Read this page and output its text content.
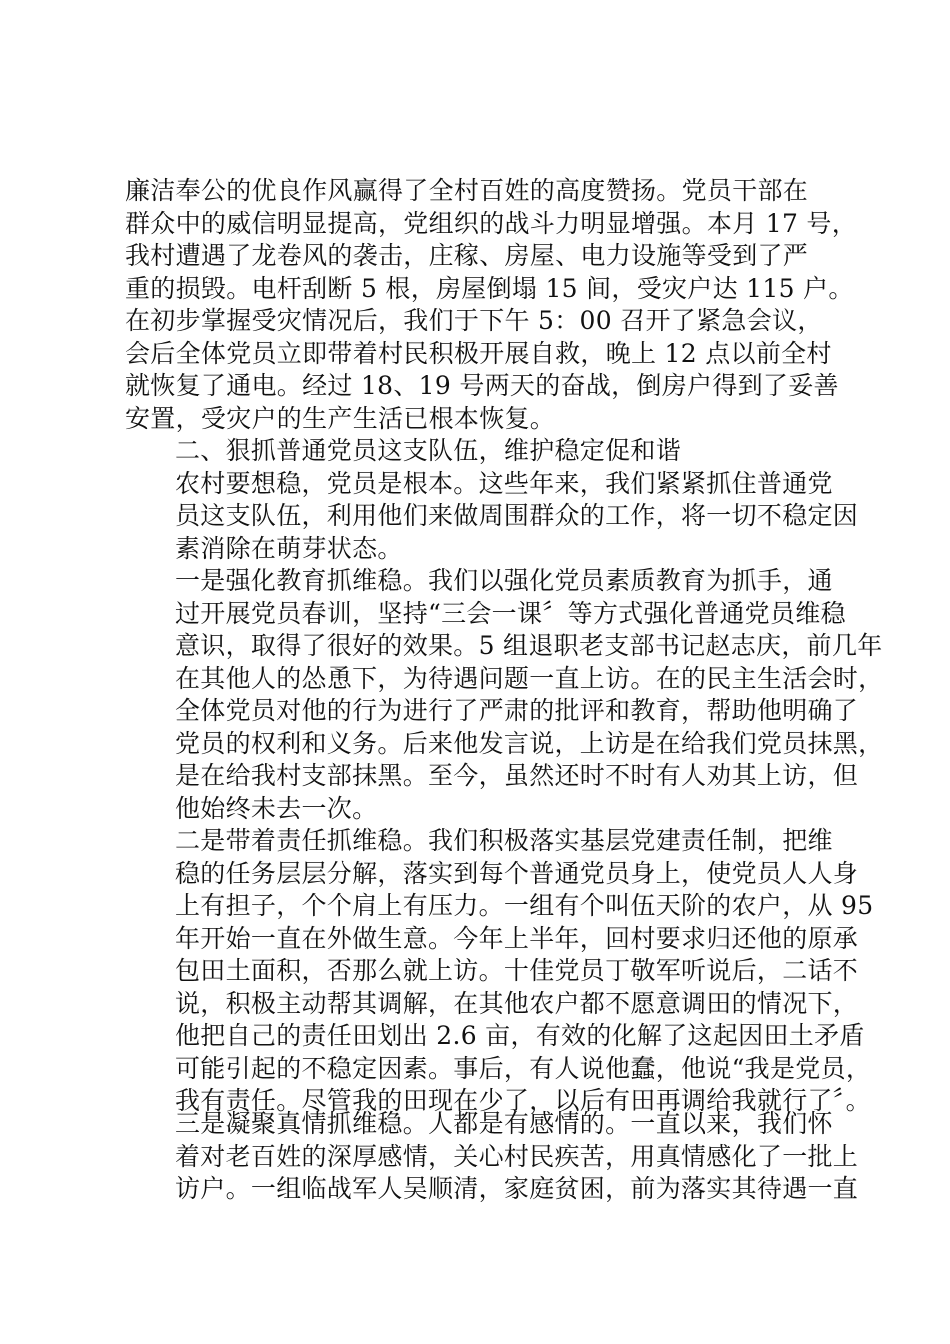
廉洁奉公的优良作风赢得了全村百姓的高度赞扬。党员干部在
群众中的威信明显提高，党组织的战斗力明显增强。本月 17 号，
我村遭遇了龙卷风的袭击，庄稼、房屋、电力设施等受到了严
重的损毁。电杆刮断 5 根，房屋倒塌 15 间，受灾户达 115 户。
在初步掌握受灾情况后，我们于下午 5：00 召开了紧急会议，
会后全体党员立即带着村民积极开展自救，晚上 12 点以前全村
就恢复了通电。经过 18、19 号两天的奋战，倒房户得到了妥善
安置，受灾户的生产生活已根本恢复。

二、狠抓普通党员这支队伍，维护稳定促和谐

农村要想稳，党员是根本。这些年来，我们紧紧抓住普通党
员这支队伍，利用他们来做周围群众的工作，将一切不稳定因
素消除在萌芽状态。

一是强化教育抓维稳。我们以强化党员素质教育为抓手，通
过开展党员春训，坚持“三会一课〞等方式强化普通党员维稳
意识，取得了很好的效果。5 组退职老支部书记赵志庆，前几年
在其他人的怂恿下，为待遇问题一直上访。在的民主生活会时，
全体党员对他的行为进行了严肃的批评和教育，帮助他明确了
党员的权利和义务。后来他发言说，上访是在给我们党员抹黑，
是在给我村支部抹黑。至今，虽然还时不时有人劝其上访，但
他始终未去一次。

二是带着责任抓维稳。我们积极落实基层党建责任制，把维
稳的任务层层分解，落实到每个普通党员身上，使党员人人身
上有担子，个个肩上有压力。一组有个叫伍天阶的农户，从 95
年开始一直在外做生意。今年上半年，回村要求归还他的原承
包田土面积，否那么就上访。十佳党员丁敬军听说后，二话不
说，积极主动帮其调解，在其他农户都不愿意调田的情况下，
他把自己的责任田划出 2.6 亩，有效的化解了这起因田土矛盾
可能引起的不稳定因素。事后，有人说他蠢，他说“我是党员，
我有责任。尽管我的田现在少了，以后有田再调给我就行了〞。

三是凝聚真情抓维稳。人都是有感情的。一直以来，我们怀
着对老百姓的深厚感情，关心村民疾苦，用真情感化了一批上
访户。一组临战军人吴顺清，家庭贫困，前为落实其待遇一直
